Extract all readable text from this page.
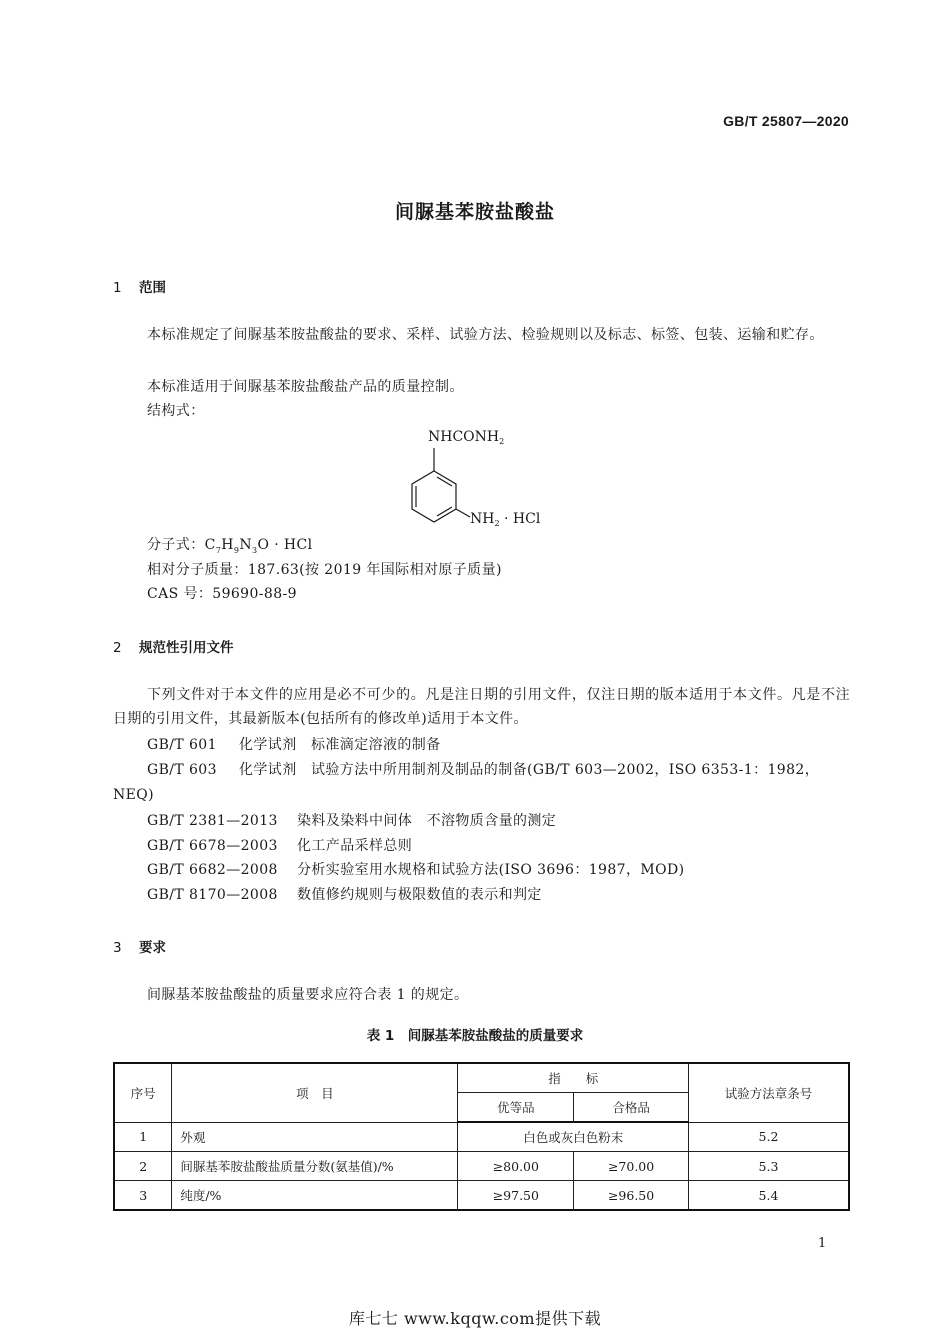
GB/T 25807—2020
间脲基苯胺盐酸盐
1 范围
本标准规定了间脲基苯胺盐酸盐的要求、采样、试验方法、检验规则以及标志、标签、包装、运输和贮存。
本标准适用于间脲基苯胺盐酸盐产品的质量控制。
结构式：
$NHCONH_2$
$NH_2$ · HCl
分子式：$C_7H_9N_3O$ · HCl
相对分子质量：187.63(按 2019 年国际相对原子质量)
CAS 号：59690-88-9
2 规范性引用文件
下列文件对于本文件的应用是必不可少的。凡是注日期的引用文件，仅注日期的版本适用于本文件。凡是不注日期的引用文件，其最新版本(包括所有的修改单)适用于本文件。
GB/T 601 化学试剂　标准滴定溶液的制备
GB/T 603 化学试剂　试验方法中所用制剂及制品的制备(GB/T 603—2002，ISO 6353-1：1982，
NEQ)
GB/T 2381—2013 染料及染料中间体　不溶物质含量的测定
GB/T 6678—2003 化工产品采样总则
GB/T 6682—2008 分析实验室用水规格和试验方法(ISO 3696：1987，MOD)
GB/T 8170—2008 数值修约规则与极限数值的表示和判定
3 要求
间脲基苯胺盐酸盐的质量要求应符合表 1 的规定。
表 1　间脲基苯胺盐酸盐的质量要求
序号	项　目	指　　标		试验方法章条号
		优等品	合格品	
1	外观	白色或灰白色粉末		5.2
2	间脲基苯胺盐酸盐质量分数(氨基值)/%	≥80.00	≥70.00	5.3
3	纯度/%	≥97.50	≥96.50	5.4
1
库七七 www.kqqw.com提供下载
